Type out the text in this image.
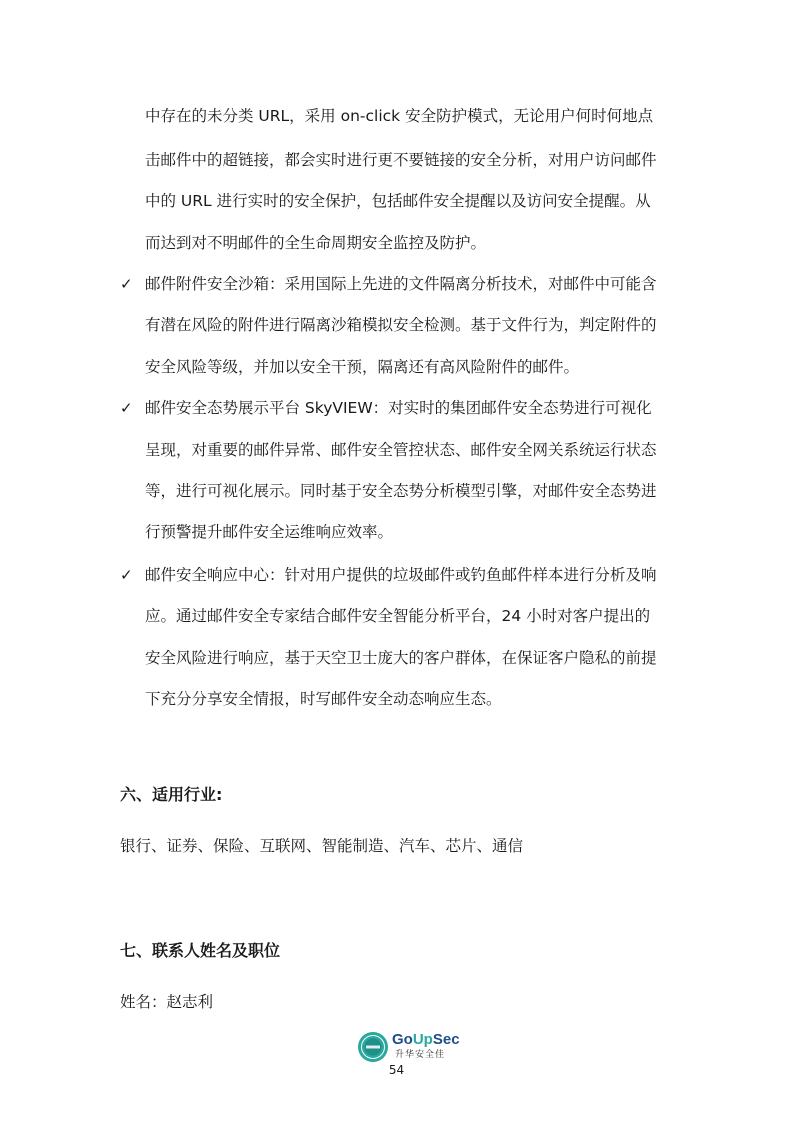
中存在的未分类 URL，采用 on-click 安全防护模式，无论用户何时何地点
击邮件中的超链接，都会实时进行更不要链接的安全分析，对用户访问邮件
中的 URL 进行实时的安全保护，包括邮件安全提醒以及访问安全提醒。从
而达到对不明邮件的全生命周期安全监控及防护。
✓ 邮件附件安全沙箱：采用国际上先进的文件隔离分析技术，对邮件中可能含
有潜在风险的附件进行隔离沙箱模拟安全检测。基于文件行为，判定附件的
安全风险等级，并加以安全干预，隔离还有高风险附件的邮件。
✓ 邮件安全态势展示平台 SkyVIEW：对实时的集团邮件安全态势进行可视化
呈现，对重要的邮件异常、邮件安全管控状态、邮件安全网关系统运行状态
等，进行可视化展示。同时基于安全态势分析模型引擎，对邮件安全态势进
行预警提升邮件安全运维响应效率。
✓ 邮件安全响应中心：针对用户提供的垃圾邮件或钓鱼邮件样本进行分析及响
应。通过邮件安全专家结合邮件安全智能分析平台，24 小时对客户提出的
安全风险进行响应，基于天空卫士庞大的客户群体，在保证客户隐私的前提
下充分分享安全情报，时写邮件安全动态响应生态。
六、适用行业:
银行、证券、保险、互联网、智能制造、汽车、芯片、通信
七、联系人姓名及职位
姓名：赵志利
GoUpSec
升华安全佳
54
